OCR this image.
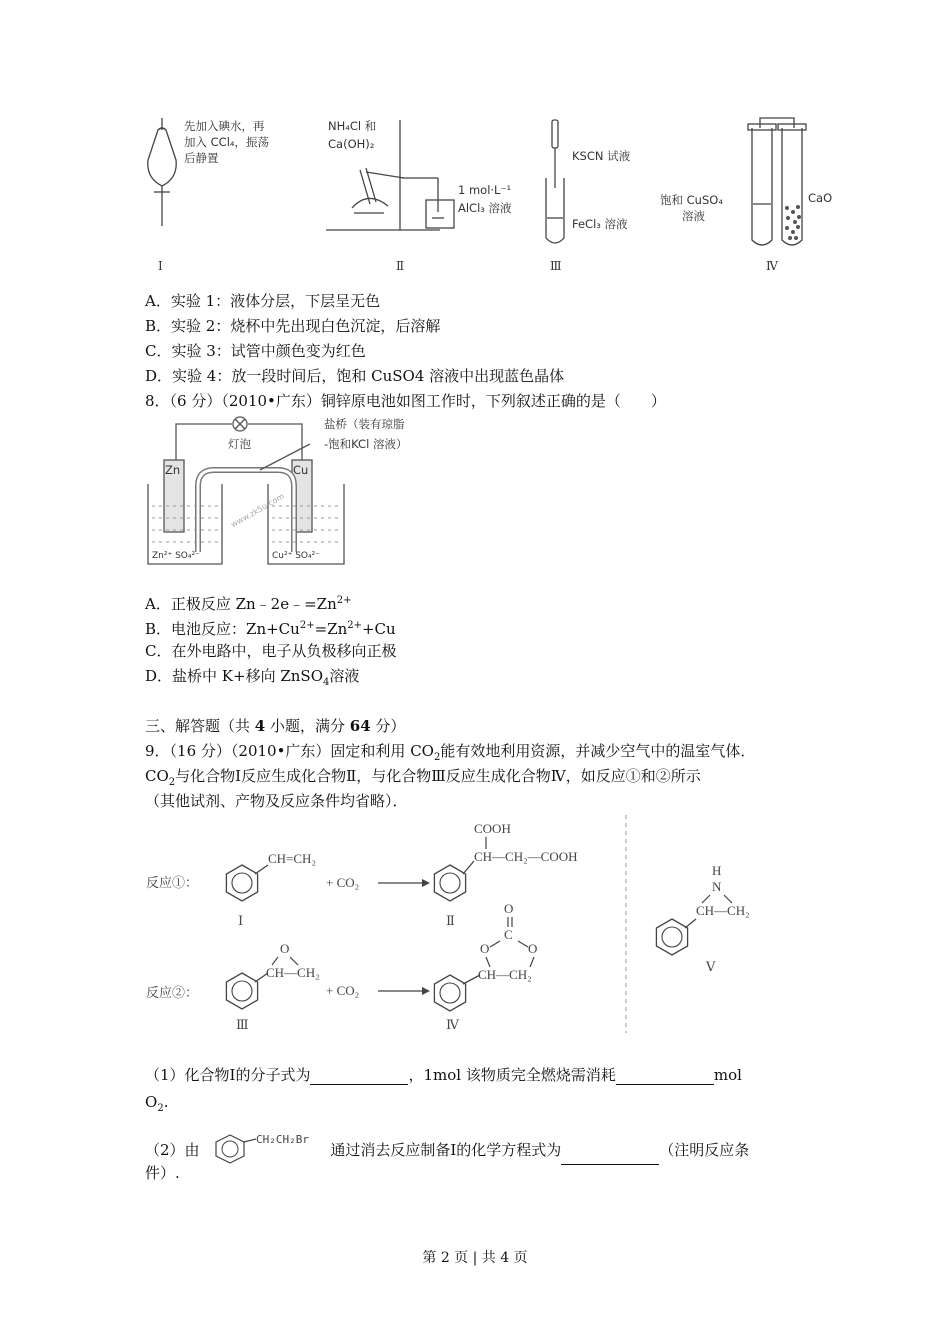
先加入碘水，再
加入 CCl₄，振荡
后静置
Ⅰ
NH₄Cl 和
Ca(OH)₂
1 mol·L⁻¹
AlCl₃ 溶液
Ⅱ
KSCN 试液
FeCl₃ 溶液
Ⅲ
饱和 CuSO₄
溶液
CaO
Ⅳ
A．实验 1：液体分层，下层呈无色
B．实验 2：烧杯中先出现白色沉淀，后溶解
C．实验 3：试管中颜色变为红色
D．实验 4：放一段时间后，饱和 CuSO4 溶液中出现蓝色晶体
8．（6 分）（2010•广东）铜锌原电池如图工作时，下列叙述正确的是（　　）
灯泡
盐桥（装有琼脂
-饱和KCl 溶液）
Zn	Cu
Zn²⁺ SO₄²⁻	Cu²⁺ SO₄²⁻
www.zk5u.com
A．正极反应 $Zn﹣2e﹣=Zn^{2+}$
B．电池反应：$Zn+Cu^{2+}=Zn^{2+}+Cu$
C．在外电路中，电子从负极移向正极
D．盐桥中 K+移向 ZnSO$_4$溶液
三、解答题（共 4 小题，满分 64 分）
9．（16 分）（2010•广东）固定和利用 $CO_2$能有效地利用资源，并减少空气中的温室气体．
$CO_2$与化合物Ⅰ反应生成化合物Ⅱ，与化合物Ⅲ反应生成化合物Ⅳ，如反应①和②所示
（其他试剂、产物及反应条件均省略）．
反应①：
CH=CH₂
Ⅰ
+ CO₂
COOH
CH—CH₂—COOH
Ⅱ
反应②：
O
CH—CH₂
Ⅲ
+ CO₂
O
C
O	O
CH—CH₂
Ⅳ
H
N
CH—CH₂
Ⅴ
（1）化合物Ⅰ的分子式为	，1mol 该物质完全燃烧需消耗	mol
$O_2$.
（2）由
CH₂CH₂Br
通过消去反应制备Ⅰ的化学方程式为	（注明反应条
件）.
第 2 页 | 共 4 页
